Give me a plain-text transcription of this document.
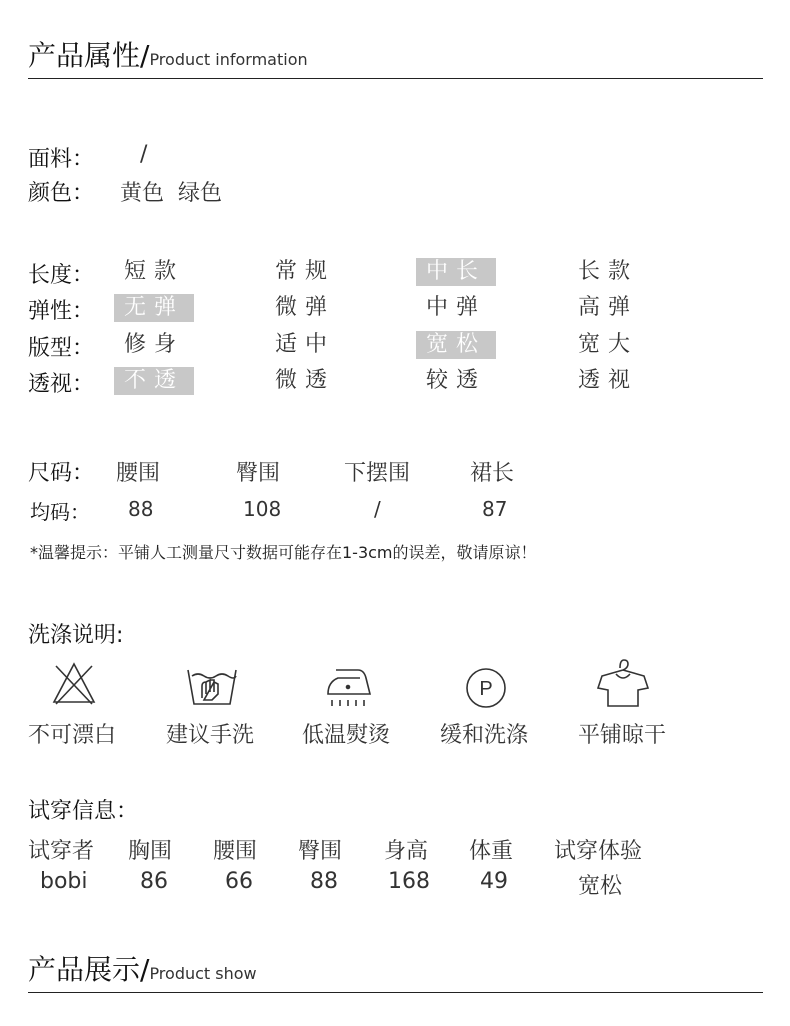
产品属性/Product information
面料： /
颜色： 黄色  绿色
长度：	短款	常规	中长	长款
弹性：	无弹	微弹	中弹	高弹
版型：	修身	适中	宽松	宽大
透视：	不透	微透	较透	透视
尺码： 腰围	臀围	下摆围	裙长
均码： 88	108	/	87
*温馨提示：平铺人工测量尺寸数据可能存在1-3cm的误差，敬请原谅！
洗涤说明:
P
不可漂白 建议手洗 低温熨烫 缓和洗涤 平铺晾干
试穿信息：
试穿者 胸围 腰围 臀围 身高 体重 试穿体验
bobi 86	66	88 168 49	宽松
产品展示/Product show
